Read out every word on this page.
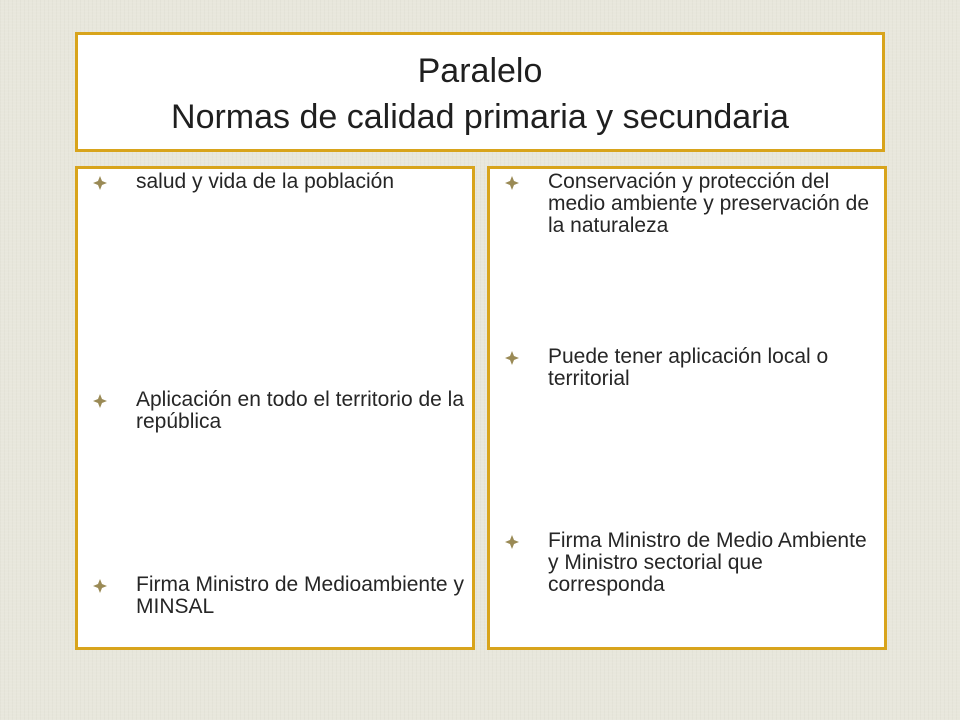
Paralelo
Normas de calidad primaria y secundaria
salud y vida de la población
Aplicación en todo el territorio de la república
Firma Ministro de Medioambiente y MINSAL
Conservación y protección del medio ambiente y preservación de la naturaleza
Puede tener aplicación local o territorial
Firma Ministro de Medio Ambiente y Ministro sectorial que corresponda
